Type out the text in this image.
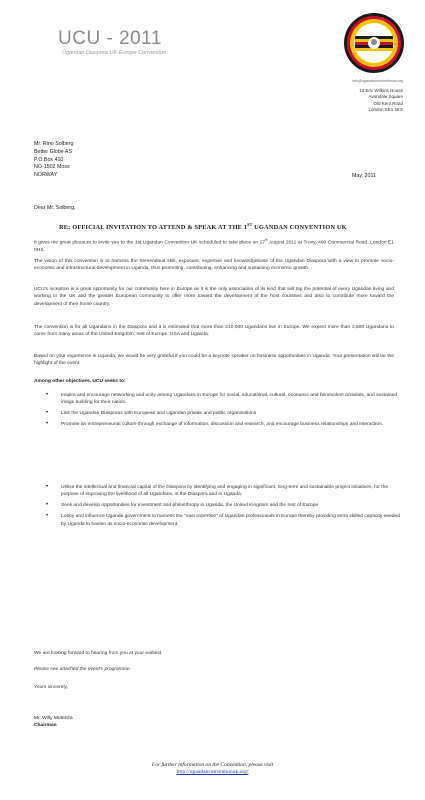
UCU - 2011
Ugandan Diaspora UK-Europe Convention
info@ugandanconventionuk.org
12 Eric Wilkins House
Avondale Square
Old Kent Road
London SE1 5ES
Mr. Rino Solberg
Better Globe AS
P.O.Box 410
NO-1502 Moss
NORWAY	May, 2011
Dear Mr. Solberg,
RE: OFFICIAL INVITATION TO ATTEND & SPEAK AT THE 1ST UGANDAN CONVENTION UK
It gives me great pleasure to invite you to the 1st Ugandan Convention UK scheduled to take place on 27th August 2011 at Troxy, 490 Commercial Road, London E1 0HX.
The vision of this convention is to harness the tremendous skill, exposure, expertise and knowledgebase of the Ugandan Diaspora with a view to promote socio-economic and infrastructural development in Uganda, thus promoting, contributing, enhancing and sustaining economic growth.
UCU's inception is a great opportunity for our community here in Europe as it is the only association of its kind that will tap the potential of every Ugandan living and working in the UK and the greater European community to offer more toward the development of the host countries and also to contribute more toward the development of their home country.
The convention is for all Ugandans in the Diaspora and it is estimated that more than 210,000 Ugandans live in Europe. We expect more than 3,500 Ugandans to come from many areas of the United Kingdom, rest of Europe, USA and Uganda.
Based on your experience in Uganda, we would be very grateful if you could be a keynote speaker on business opportunities in Uganda. Your presentation will be the highlight of the event.
Among other objectives, UCU seeks to:
•	Inspire and encourage networking and unity among Ugandans in Europe for social, educational, cultural, economic and benevolent activities, and sustained image building for their nation.
•	Link the Ugandan Diasporas with European and Ugandan private and public organisations
•	Promote an entrepreneurial culture through exchange of information, discussion and research; and encourage business relationships and interaction.
•	Utilise the intellectual and financial capital of the Diaspora by identifying and engaging in significant, long-term and sustainable project initiatives, for the purpose of improving the livelihood of all Ugandans, in the Diaspora and in Uganda.
•	Seek and develop opportunities for investment and philanthropy in Uganda, the United Kingdom and the rest of Europe
•	Lobby and influence Uganda government to harness the "vast expertise" of Ugandan professionals in Europe thereby providing extra skilled capacity needed by Uganda to hasten its socio-economic development.
We are looking forward to hearing from you at your earliest.
Please see attached the event's programme.
Yours sincerely,
Mr. Willy Mutenza
Chairman
For further information on the Convention, please visit
http://ugandanconventionuk.org/
